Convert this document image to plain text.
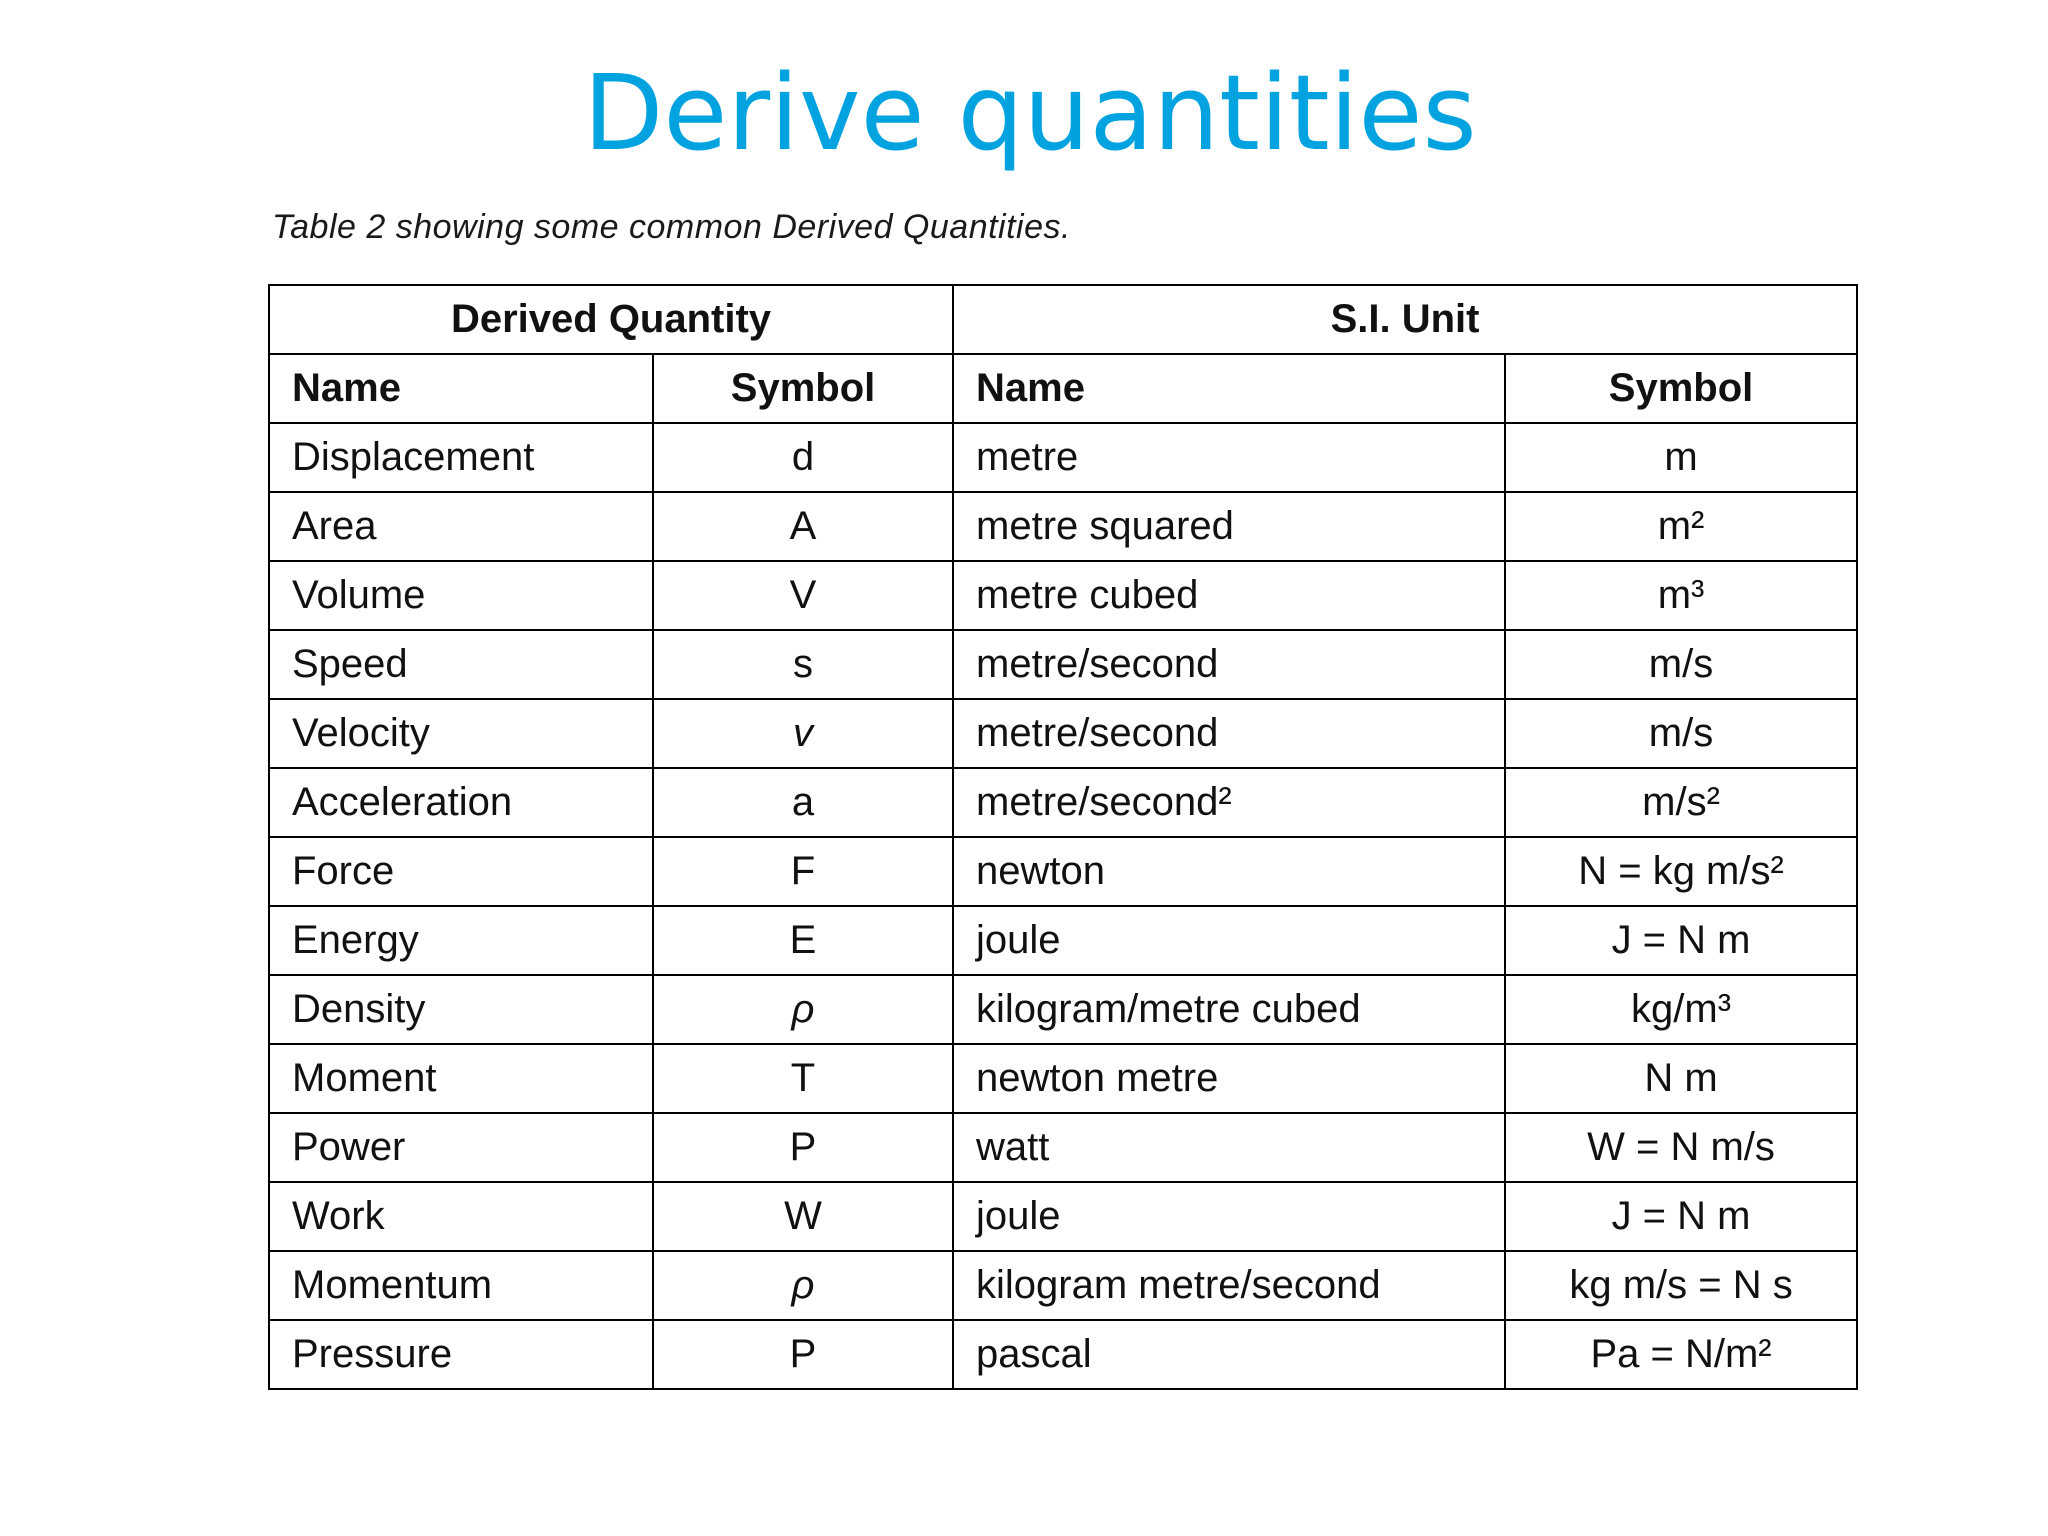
Derive quantities
Table 2 showing some common Derived Quantities.
Derived Quantity		S.I. Unit	
Name	Symbol	Name	Symbol
Displacement	d	metre	m
Area	A	metre squared	m²
Volume	V	metre cubed	m³
Speed	s	metre/second	m/s
Velocity	v	metre/second	m/s
Acceleration	a	metre/second²	m/s²
Force	F	newton	N = kg m/s²
Energy	E	joule	J = N m
Density	ρ	kilogram/metre cubed	kg/m³
Moment	T	newton metre	N m
Power	P	watt	W = N m/s
Work	W	joule	J = N m
Momentum	ρ	kilogram metre/second	kg m/s = N s
Pressure	P	pascal	Pa = N/m²
